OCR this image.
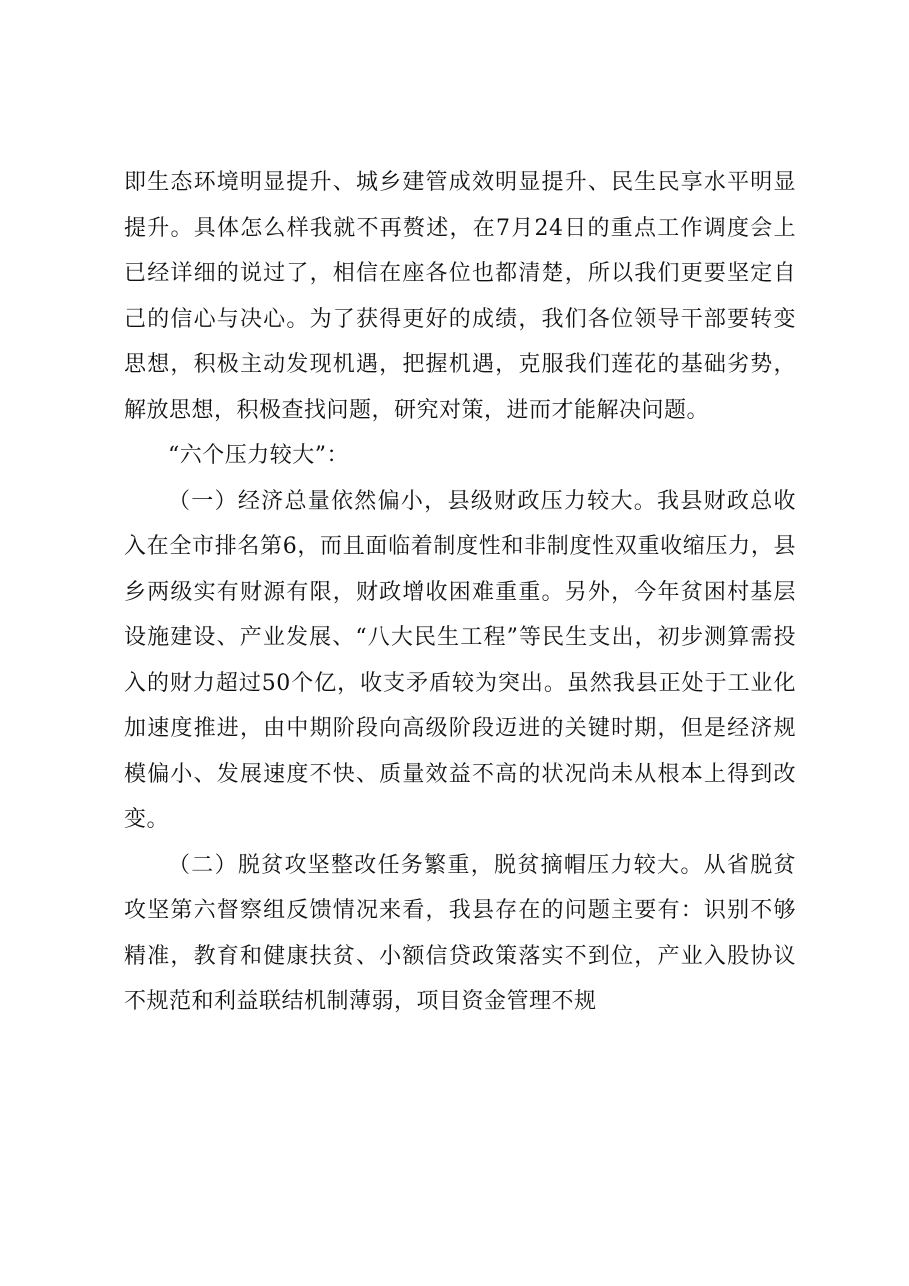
即生态环境明显提升、城乡建管成效明显提升、民生民享水平明显提升。具体怎么样我就不再赘述，在7月24日的重点工作调度会上已经详细的说过了，相信在座各位也都清楚，所以我们更要坚定自己的信心与决心。为了获得更好的成绩，我们各位领导干部要转变思想，积极主动发现机遇，把握机遇，克服我们莲花的基础劣势，解放思想，积极查找问题，研究对策，进而才能解决问题。

“六个压力较大”：

（一）经济总量依然偏小，县级财政压力较大。我县财政总收入在全市排名第6，而且面临着制度性和非制度性双重收缩压力，县乡两级实有财源有限，财政增收困难重重。另外，今年贫困村基层设施建设、产业发展、“八大民生工程”等民生支出，初步测算需投入的财力超过50个亿，收支矛盾较为突出。虽然我县正处于工业化加速度推进，由中期阶段向高级阶段迈进的关键时期，但是经济规模偏小、发展速度不快、质量效益不高的状况尚未从根本上得到改变。

（二）脱贫攻坚整改任务繁重，脱贫摘帽压力较大。从省脱贫攻坚第六督察组反馈情况来看，我县存在的问题主要有：识别不够精准，教育和健康扶贫、小额信贷政策落实不到位，产业入股协议不规范和利益联结机制薄弱，项目资金管理不规
